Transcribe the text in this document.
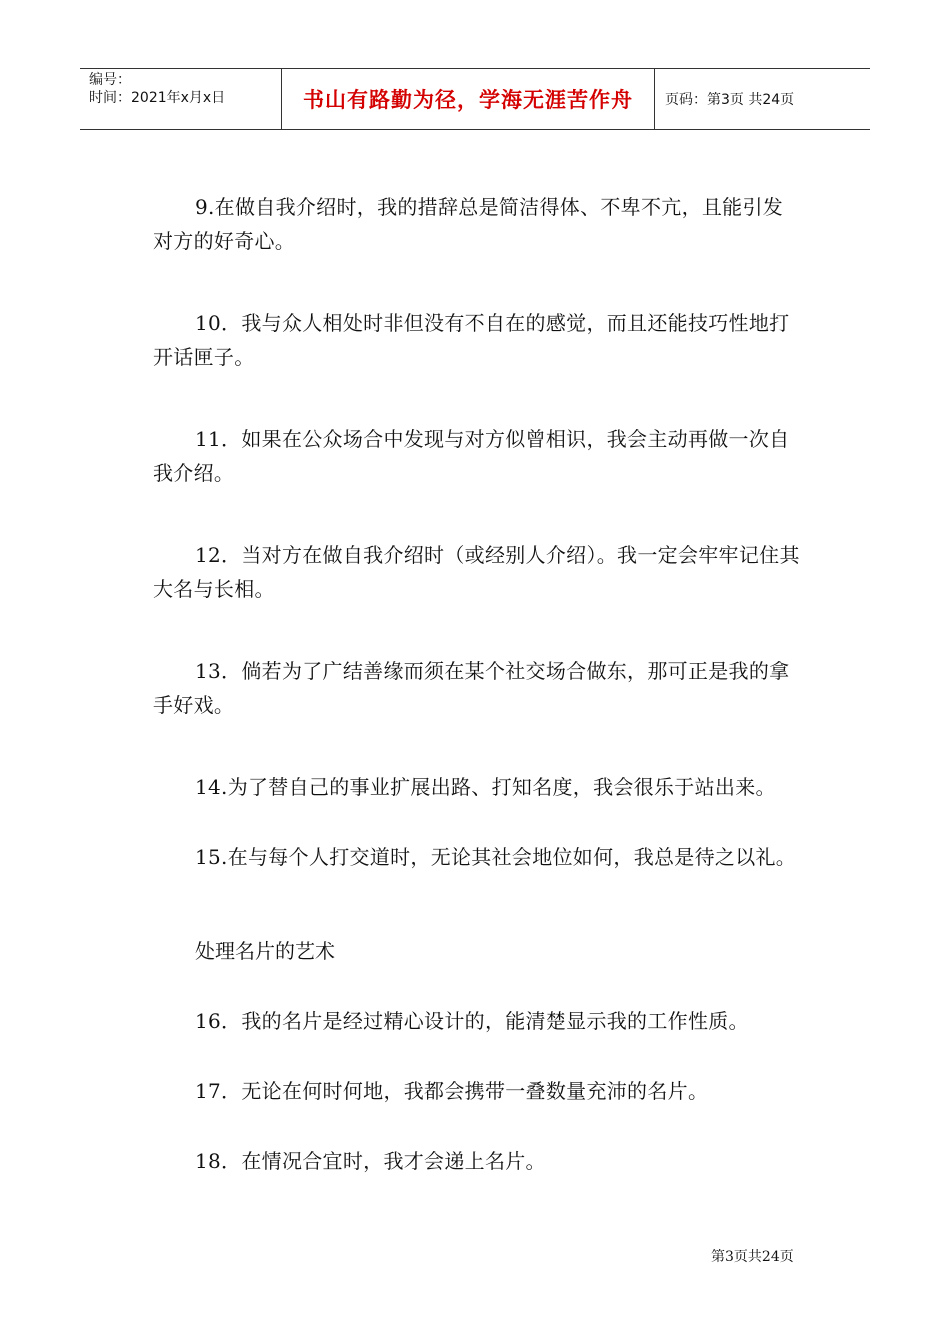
编号：
时间：2021年x月x日	书山有路勤为径，学海无涯苦作舟	页码：第3页 共24页

9.在做自我介绍时，我的措辞总是简洁得体、不卑不亢，且能引发对方的好奇心。

10．我与众人相处时非但没有不自在的感觉，而且还能技巧性地打开话匣子。

11．如果在公众场合中发现与对方似曾相识，我会主动再做一次自我介绍。

12．当对方在做自我介绍时（或经别人介绍）。我一定会牢牢记住其大名与长相。

13．倘若为了广结善缘而须在某个社交场合做东，那可正是我的拿手好戏。

14.为了替自己的事业扩展出路、打知名度，我会很乐于站出来。

15.在与每个人打交道时，无论其社会地位如何，我总是待之以礼。

处理名片的艺术

16．我的名片是经过精心设计的，能清楚显示我的工作性质。

17．无论在何时何地，我都会携带一叠数量充沛的名片。

18．在情况合宜时，我才会递上名片。

第3页共24页
